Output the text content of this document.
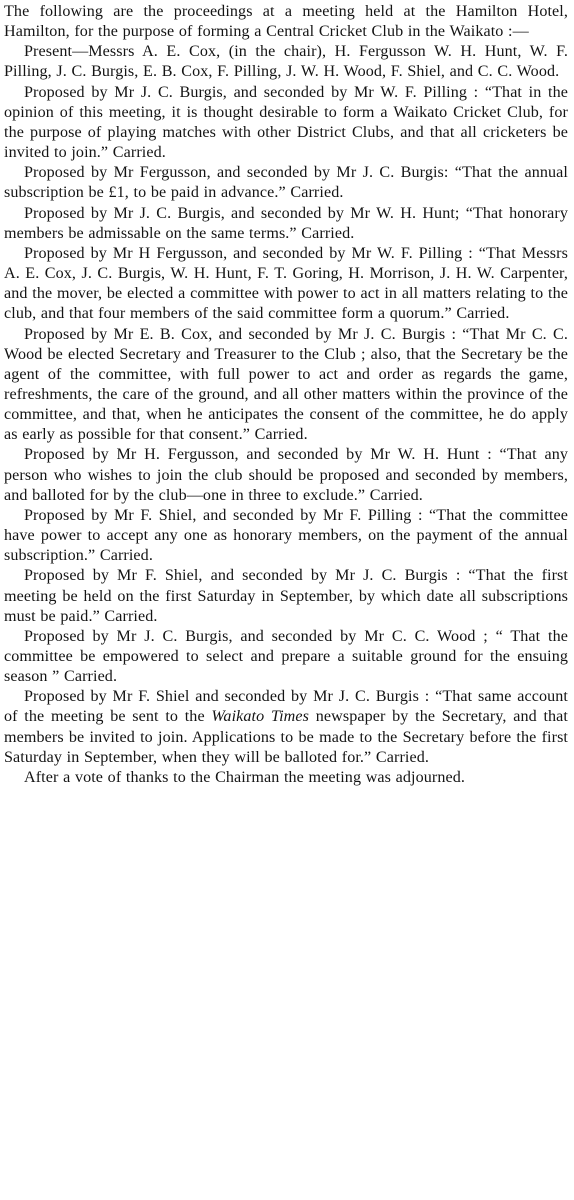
The following are the proceedings at a meeting held at the Hamilton Hotel, Hamilton, for the purpose of forming a Central Cricket Club in the Waikato :—

Present—Messrs A. E. Cox, (in the chair), H. Fergusson W. H. Hunt, W. F. Pilling, J. C. Burgis, E. B. Cox, F. Pilling, J. W. H. Wood, F. Shiel, and C. C. Wood.

Proposed by Mr J. C. Burgis, and seconded by Mr W. F. Pilling : “That in the opinion of this meeting, it is thought desirable to form a Waikato Cricket Club, for the purpose of playing matches with other District Clubs, and that all cricketers be invited to join.” Carried.

Proposed by Mr Fergusson, and seconded by Mr J. C. Burgis: “That the annual subscription be £1, to be paid in advance.” Carried.

Proposed by Mr J. C. Burgis, and seconded by Mr W. H. Hunt; “That honorary members be admissable on the same terms.” Carried.

Proposed by Mr H Fergusson, and seconded by Mr W. F. Pilling : “That Messrs A. E. Cox, J. C. Burgis, W. H. Hunt, F. T. Goring, H. Morrison, J. H. W. Carpenter, and the mover, be elected a committee with power to act in all matters relating to the club, and that four members of the said committee form a quorum.” Carried.

Proposed by Mr E. B. Cox, and seconded by Mr J. C. Burgis : “That Mr C. C. Wood be elected Secretary and Treasurer to the Club ; also, that the Secretary be the agent of the committee, with full power to act and order as regards the game, refreshments, the care of the ground, and all other matters within the province of the committee, and that, when he anticipates the consent of the committee, he do apply as early as possible for that consent.” Carried.

Proposed by Mr H. Fergusson, and seconded by Mr W. H. Hunt : “That any person who wishes to join the club should be proposed and seconded by members, and balloted for by the club—one in three to exclude.” Carried.

Proposed by Mr F. Shiel, and seconded by Mr F. Pilling : “That the committee have power to accept any one as honorary members, on the payment of the annual subscription.” Carried.

Proposed by Mr F. Shiel, and seconded by Mr J. C. Burgis : “That the first meeting be held on the first Saturday in September, by which date all subscriptions must be paid.” Carried.

Proposed by Mr J. C. Burgis, and seconded by Mr C. C. Wood ; “ That the committee be empowered to select and prepare a suitable ground for the ensuing season ” Carried.

Proposed by Mr F. Shiel and seconded by Mr J. C. Burgis : “That same account of the meeting be sent to the Waikato Times newspaper by the Secretary, and that members be invited to join. Applications to be made to the Secretary before the first Saturday in September, when they will be balloted for.” Carried.

After a vote of thanks to the Chairman the meeting was adjourned.
